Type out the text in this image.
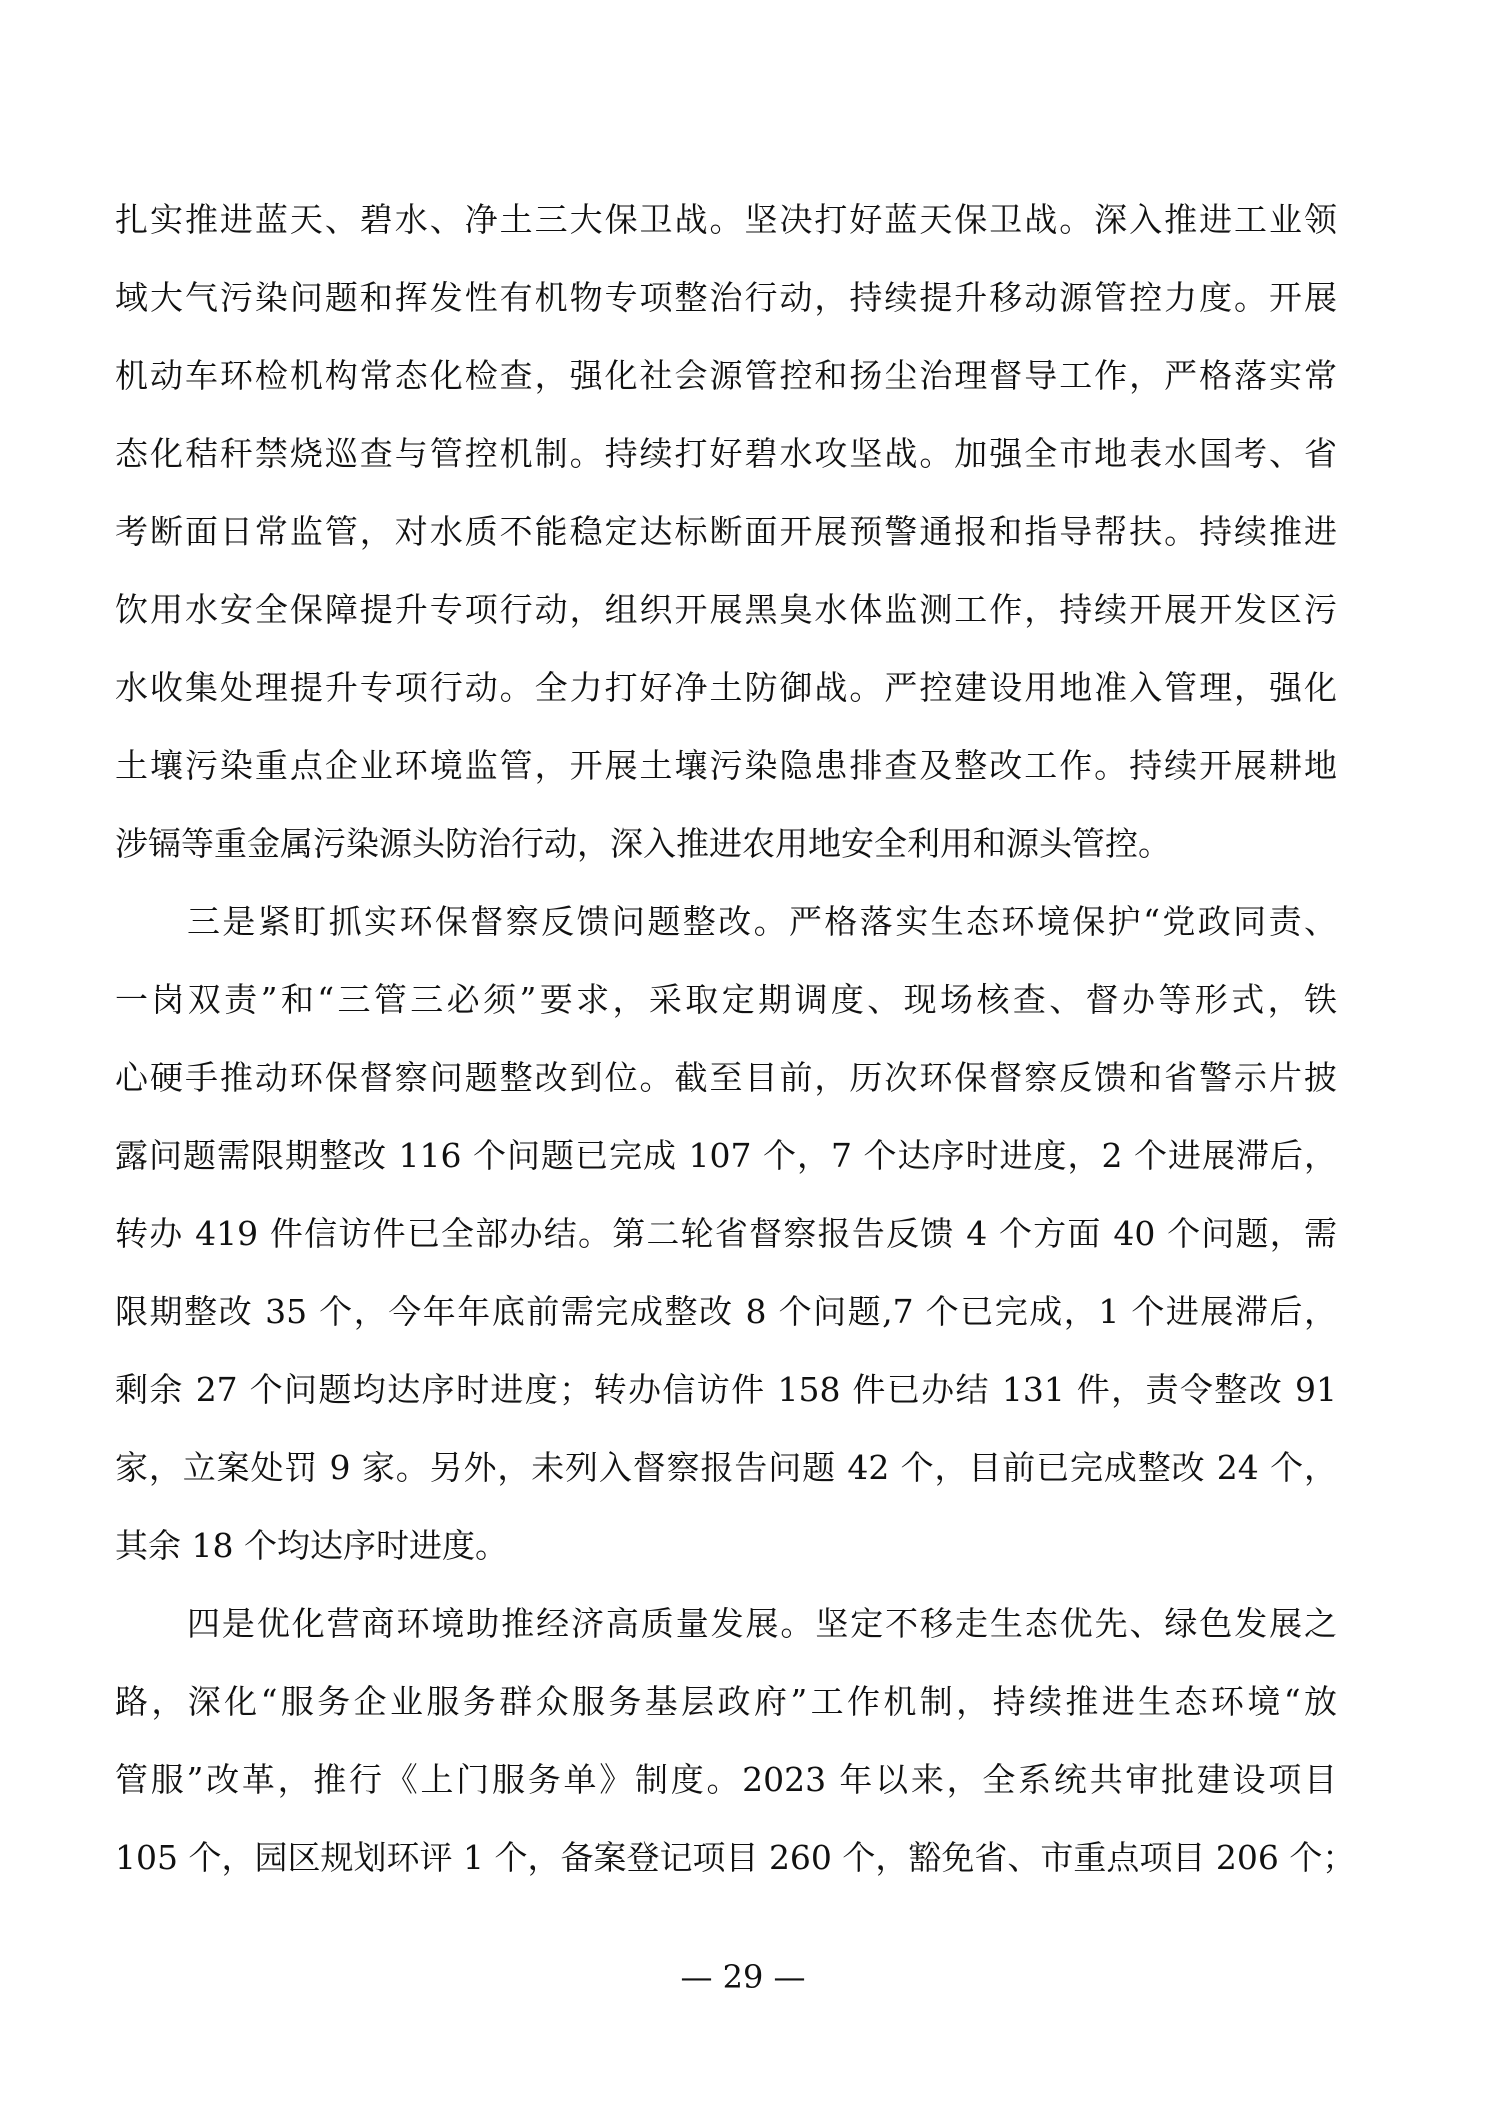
扎实推进蓝天、碧水、净土三大保卫战。坚决打好蓝天保卫战。深入推进工业领
域大气污染问题和挥发性有机物专项整治行动，持续提升移动源管控力度。开展
机动车环检机构常态化检查，强化社会源管控和扬尘治理督导工作，严格落实常
态化秸秆禁烧巡查与管控机制。持续打好碧水攻坚战。加强全市地表水国考、省
考断面日常监管，对水质不能稳定达标断面开展预警通报和指导帮扶。持续推进
饮用水安全保障提升专项行动，组织开展黑臭水体监测工作，持续开展开发区污
水收集处理提升专项行动。全力打好净土防御战。严控建设用地准入管理，强化
土壤污染重点企业环境监管，开展土壤污染隐患排查及整改工作。持续开展耕地
涉镉等重金属污染源头防治行动，深入推进农用地安全利用和源头管控。
三是紧盯抓实环保督察反馈问题整改。严格落实生态环境保护“党政同责、
一岗双责”和“三管三必须”要求，采取定期调度、现场核查、督办等形式，铁
心硬手推动环保督察问题整改到位。截至目前，历次环保督察反馈和省警示片披
露问题需限期整改 116 个问题已完成 107 个，7 个达序时进度，2 个进展滞后，
转办 419 件信访件已全部办结。第二轮省督察报告反馈 4 个方面 40 个问题，需
限期整改 35 个，今年年底前需完成整改 8 个问题,7 个已完成，1 个进展滞后，
剩余 27 个问题均达序时进度；转办信访件 158 件已办结 131 件，责令整改 91
家，立案处罚 9 家。另外，未列入督察报告问题 42 个，目前已完成整改 24 个，
其余 18 个均达序时进度。
四是优化营商环境助推经济高质量发展。坚定不移走生态优先、绿色发展之
路，深化“服务企业服务群众服务基层政府”工作机制，持续推进生态环境“放
管服”改革，推行《上门服务单》制度。2023 年以来，全系统共审批建设项目
105 个，园区规划环评 1 个，备案登记项目 260 个，豁免省、市重点项目 206 个；
— 29 —
